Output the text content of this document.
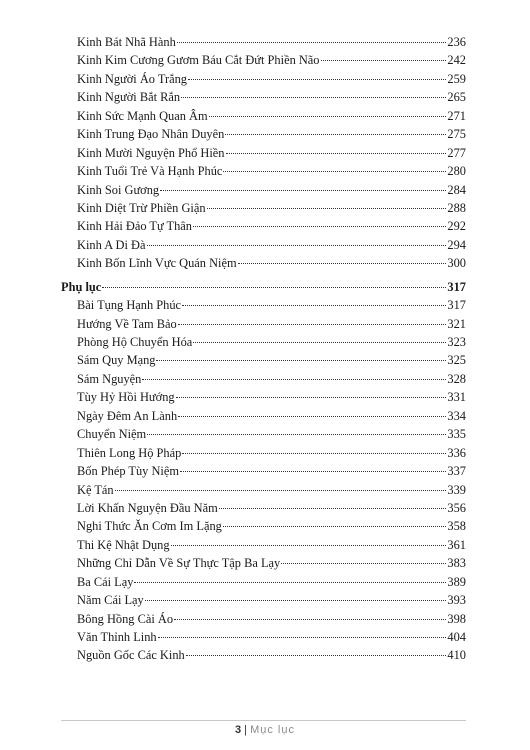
Kinh Bát Nhã Hành	236
Kinh Kim Cương Gươm Báu Cắt Đứt Phiền Não	242
Kinh Người Áo Trắng	259
Kinh Người Bắt Rắn	265
Kinh Sức Mạnh Quan Âm	271
Kinh Trung Đạo Nhân Duyên	275
Kinh Mười Nguyện Phổ Hiền	277
Kinh Tuổi Trẻ Và Hạnh Phúc	280
Kinh Soi Gương	284
Kinh Diệt Trừ Phiền Giận	288
Kinh Hải Đảo Tự Thân	292
Kinh A Di Đà	294
Kinh Bốn Lĩnh Vực Quán Niệm	300
Phụ lục	317
Bài Tụng Hạnh Phúc	317
Hướng Về Tam Bảo	321
Phòng Hộ Chuyển Hóa	323
Sám Quy Mạng	325
Sám Nguyện	328
Tùy Hỷ Hồi Hướng	331
Ngày Đêm An Lành	334
Chuyển Niệm	335
Thiên Long Hộ Pháp	336
Bốn Phép Tùy Niệm	337
Kệ Tán	339
Lời Khấn Nguyện Đầu Năm	356
Nghi Thức Ăn Cơm Im Lặng	358
Thi Kệ Nhật Dụng	361
Những Chỉ Dẫn Về Sự Thực Tập Ba Lạy	383
Ba Cái Lạy	389
Năm Cái Lạy	393
Bông Hồng Cài Áo	398
Văn Thỉnh Linh	404
Nguồn Gốc Các Kinh	410
3 | Mục lục
